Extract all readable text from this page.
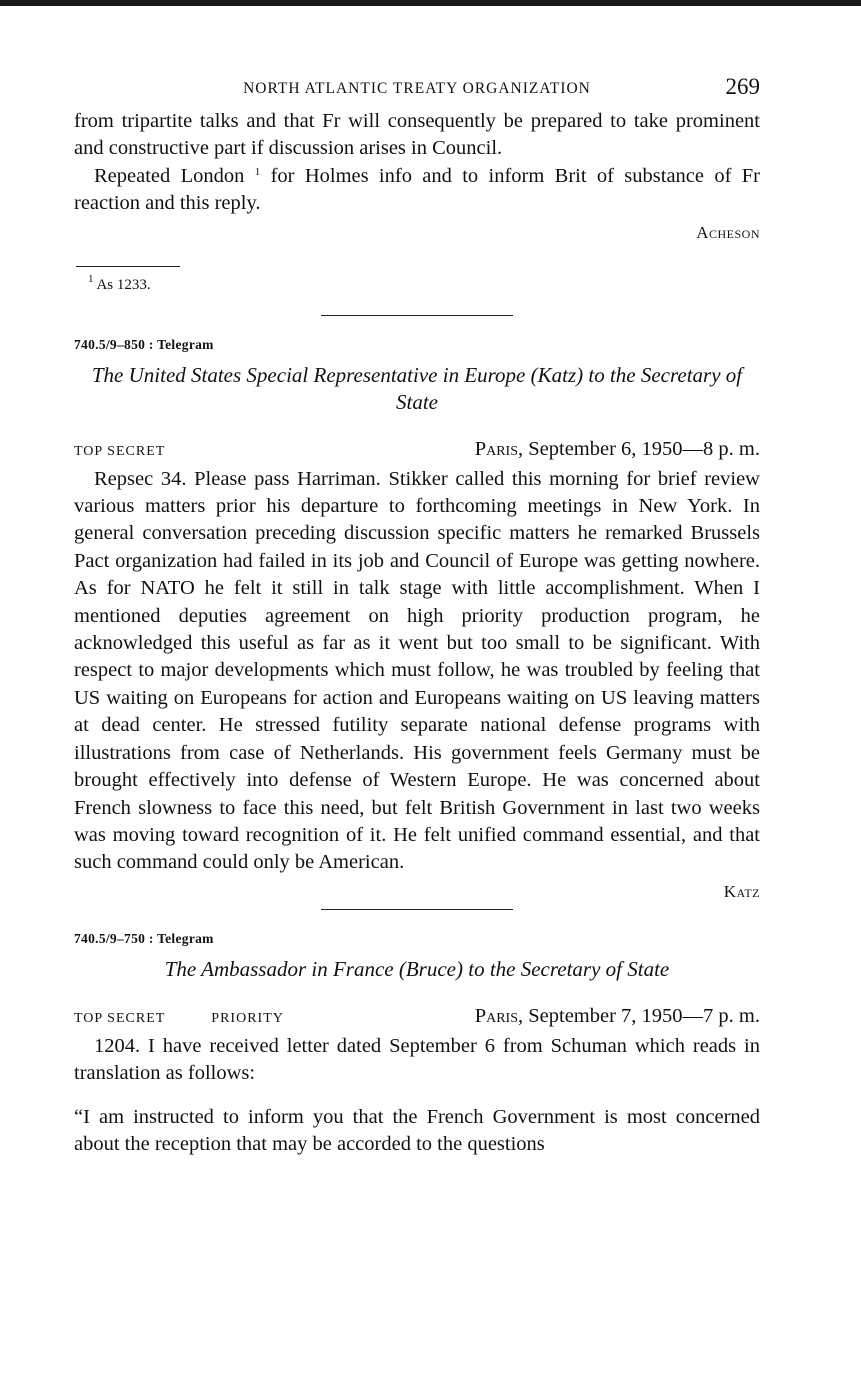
NORTH ATLANTIC TREATY ORGANIZATION	269

from tripartite talks and that Fr will consequently be prepared to take prominent and constructive part if discussion arises in Council.

Repeated London $^1$ for Holmes info and to inform Brit of substance of Fr reaction and this reply.

Acheson
$^1$ As 1233.
740.5/9–850 : Telegram
The United States Special Representative in Europe (Katz) to the Secretary of State
TOP SECRET	Paris, September 6, 1950—8 p. m.

Repsec 34. Please pass Harriman. Stikker called this morning for brief review various matters prior his departure to forthcoming meetings in New York. In general conversation preceding discussion specific matters he remarked Brussels Pact organization had failed in its job and Council of Europe was getting nowhere. As for NATO he felt it still in talk stage with little accomplishment. When I mentioned deputies agreement on high priority production program, he acknowledged this useful as far as it went but too small to be significant. With respect to major developments which must follow, he was troubled by feeling that US waiting on Europeans for action and Europeans waiting on US leaving matters at dead center. He stressed futility separate national defense programs with illustrations from case of Netherlands. His government feels Germany must be brought effectively into defense of Western Europe. He was concerned about French slowness to face this need, but felt British Government in last two weeks was moving toward recognition of it. He felt unified command essential, and that such command could only be American.

Katz
740.5/9–750 : Telegram
The Ambassador in France (Bruce) to the Secretary of State
TOP SECRET	PRIORITY	Paris, September 7, 1950—7 p. m.

1204. I have received letter dated September 6 from Schuman which reads in translation as follows:

“I am instructed to inform you that the French Government is most concerned about the reception that may be accorded to the questions
